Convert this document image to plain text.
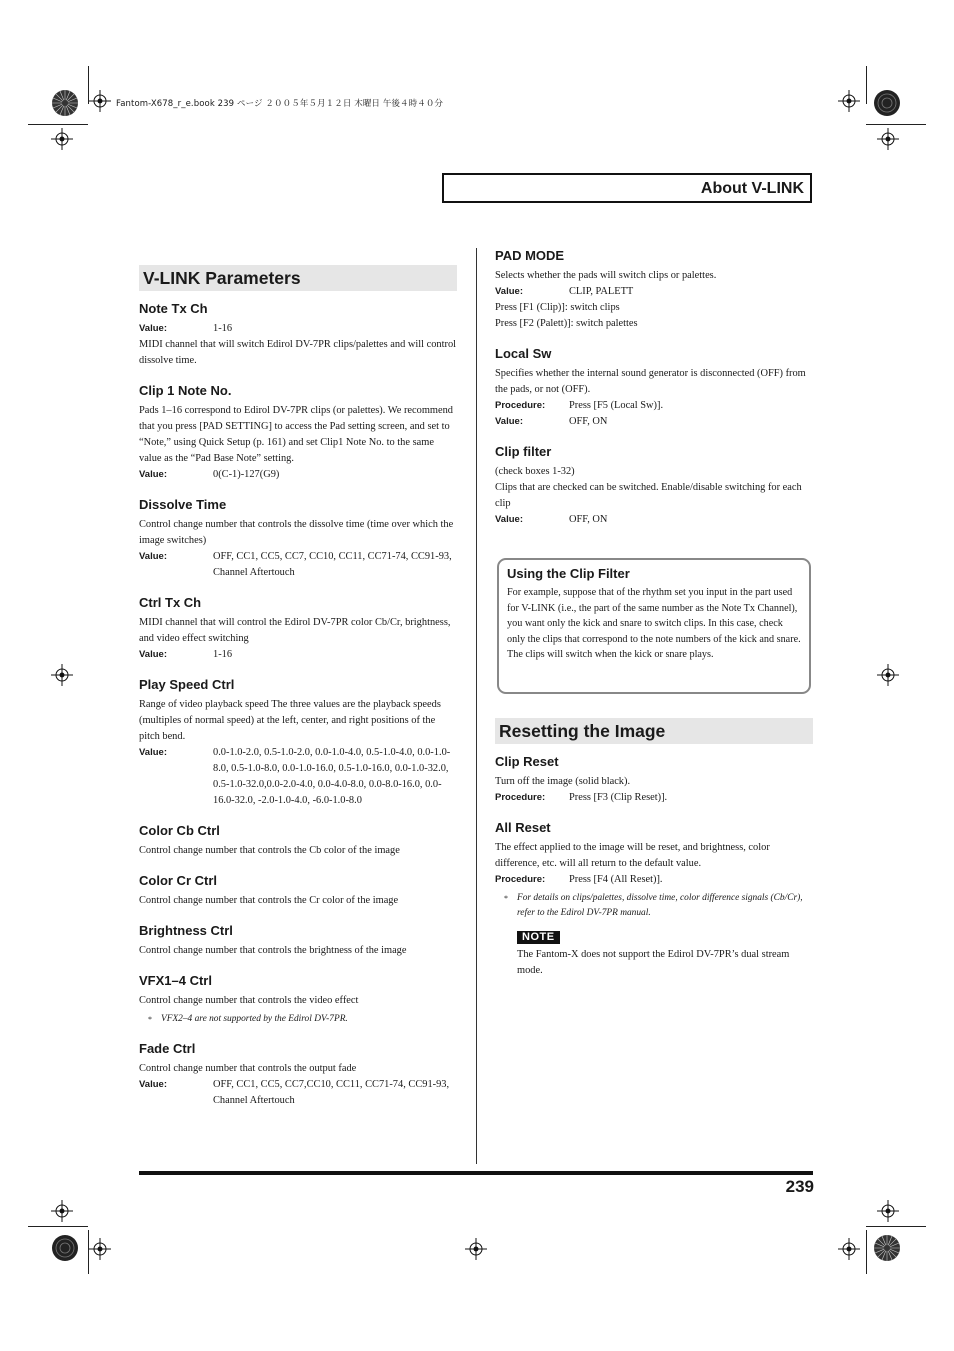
Fantom-X678_r_e.book 239 ページ ２００５年５月１２日 木曜日 午後４時４０分
About V-LINK
V-LINK Parameters
Note Tx Ch
Value:	1-16
MIDI channel that will switch Edirol DV-7PR clips/palettes and will control dissolve time.
Clip 1 Note No.
Pads 1–16 correspond to Edirol DV-7PR clips (or palettes). We recommend that you press [PAD SETTING] to access the Pad setting screen, and set to “Note,” using Quick Setup (p. 161) and set Clip1 Note No. to the same value as the “Pad Base Note” setting.
Value:	0(C-1)-127(G9)
Dissolve Time
Control change number that controls the dissolve time (time over which the image switches)
Value:	OFF, CC1, CC5, CC7, CC10, CC11, CC71-74, CC91-93, Channel Aftertouch
Ctrl Tx Ch
MIDI channel that will control the Edirol DV-7PR color Cb/Cr, brightness, and video effect switching
Value:	1-16
Play Speed Ctrl
Range of video playback speed The three values are the playback speeds (multiples of normal speed) at the left, center, and right positions of the pitch bend.
Value:	0.0-1.0-2.0, 0.5-1.0-2.0, 0.0-1.0-4.0, 0.5-1.0-4.0, 0.0-1.0-8.0, 0.5-1.0-8.0, 0.0-1.0-16.0, 0.5-1.0-16.0, 0.0-1.0-32.0, 0.5-1.0-32.0,0.0-2.0-4.0, 0.0-4.0-8.0, 0.0-8.0-16.0, 0.0-16.0-32.0, -2.0-1.0-4.0, -6.0-1.0-8.0
Color Cb Ctrl
Control change number that controls the Cb color of the image
Color Cr Ctrl
Control change number that controls the Cr color of the image
Brightness Ctrl
Control change number that controls the brightness of the image
VFX1–4 Ctrl
Control change number that controls the video effect
* VFX2–4 are not supported by the Edirol DV-7PR.
Fade Ctrl
Control change number that controls the output fade
Value:	OFF, CC1, CC5, CC7,CC10, CC11, CC71-74, CC91-93, Channel Aftertouch
PAD MODE
Selects whether the pads will switch clips or palettes.
Value:	CLIP, PALETT
Press [F1 (Clip)]: switch clips
Press [F2 (Palett)]: switch palettes
Local Sw
Specifies whether the internal sound generator is disconnected (OFF) from the pads, or not (OFF).
Procedure:	Press [F5 (Local Sw)].
Value:	OFF, ON
Clip filter
(check boxes 1-32)
Clips that are checked can be switched. Enable/disable switching for each clip
Value:	OFF, ON
Using the Clip Filter
For example, suppose that of the rhythm set you input in the part used for V-LINK (i.e., the part of the same number as the Note Tx Channel), you want only the kick and snare to switch clips. In this case, check only the clips that correspond to the note numbers of the kick and snare. The clips will switch when the kick or snare plays.
Resetting the Image
Clip Reset
Turn off the image (solid black).
Procedure:	Press [F3 (Clip Reset)].
All Reset
The effect applied to the image will be reset, and brightness, color difference, etc. will all return to the default value.
Procedure:	Press [F4 (All Reset)].
* For details on clips/palettes, dissolve time, color difference signals (Cb/Cr), refer to the Edirol DV-7PR manual.
NOTE
The Fantom-X does not support the Edirol DV-7PR’s dual stream mode.
239
